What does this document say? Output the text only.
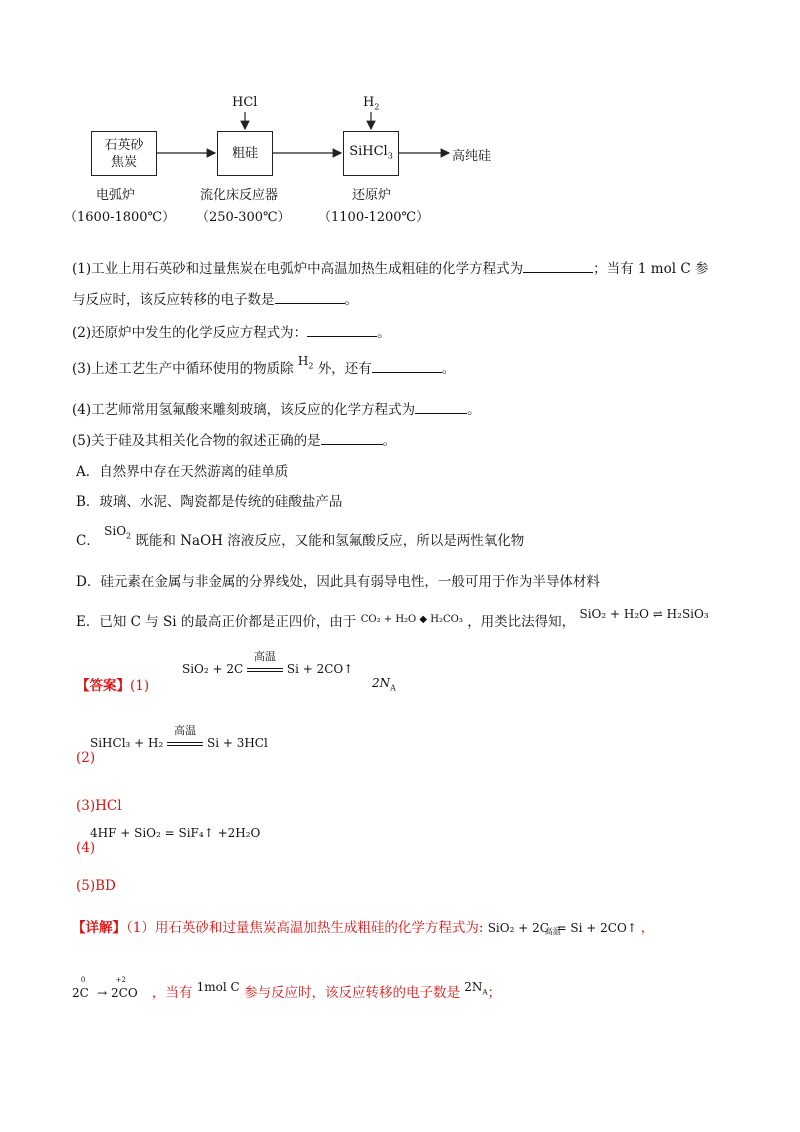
石英砂
焦炭
粗硅	SiHCl$_3$
HCl	$H_2$
高纯硅
电弧炉
（1600-1800℃）
流化床反应器
（250-300℃）
还原炉
（1100-1200℃）
(1)工业上用石英砂和过量焦炭在电弧炉中高温加热生成粗硅的化学方程式为	；当有 1 mol C 参
与反应时，该反应转移的电子数是	。
(2)还原炉中发生的化学反应方程式为：	。
(3)上述工艺生产中循环使用的物质除 $H_2$ 外，还有	。
(4)工艺师常用氢氟酸来雕刻玻璃，该反应的化学方程式为	。
(5)关于硅及其相关化合物的叙述正确的是	。
A．自然界中存在天然游离的硅单质
B．玻璃、水泥、陶瓷都是传统的硅酸盐产品
C． SiO$_2$ 既能和 NaOH 溶液反应，又能和氢氟酸反应，所以是两性氧化物
D．硅元素在金属与非金属的分界线处，因此具有弱导电性，一般可用于作为半导体材料
E．已知 C 与 Si 的最高正价都是正四价，由于 $^{CO_2 + H_2O ◆ H_2CO_3}$ ，用类比法得知， SiO₂ + H₂O ⇌ H₂SiO₃
【答案】(1)
SiO₂ + 2C
高温
Si + 2CO↑
$2N_A$
(2)
SiHCl₃ + H₂
高温
Si + 3HCl
(3)HCl
(4)
4HF + SiO₂ = SiF₄↑ +2H₂O
(5)BD
【详解】（1）用石英砂和过量焦炭高温加热生成粗硅的化学方程式为: SiO₂ + 2C
高温
= Si + 2CO↑ ，
$2C^0 \to 2CO^{+2}$ ，当有 1mol C 参与反应时，该反应转移的电子数是 $2N_A$；
